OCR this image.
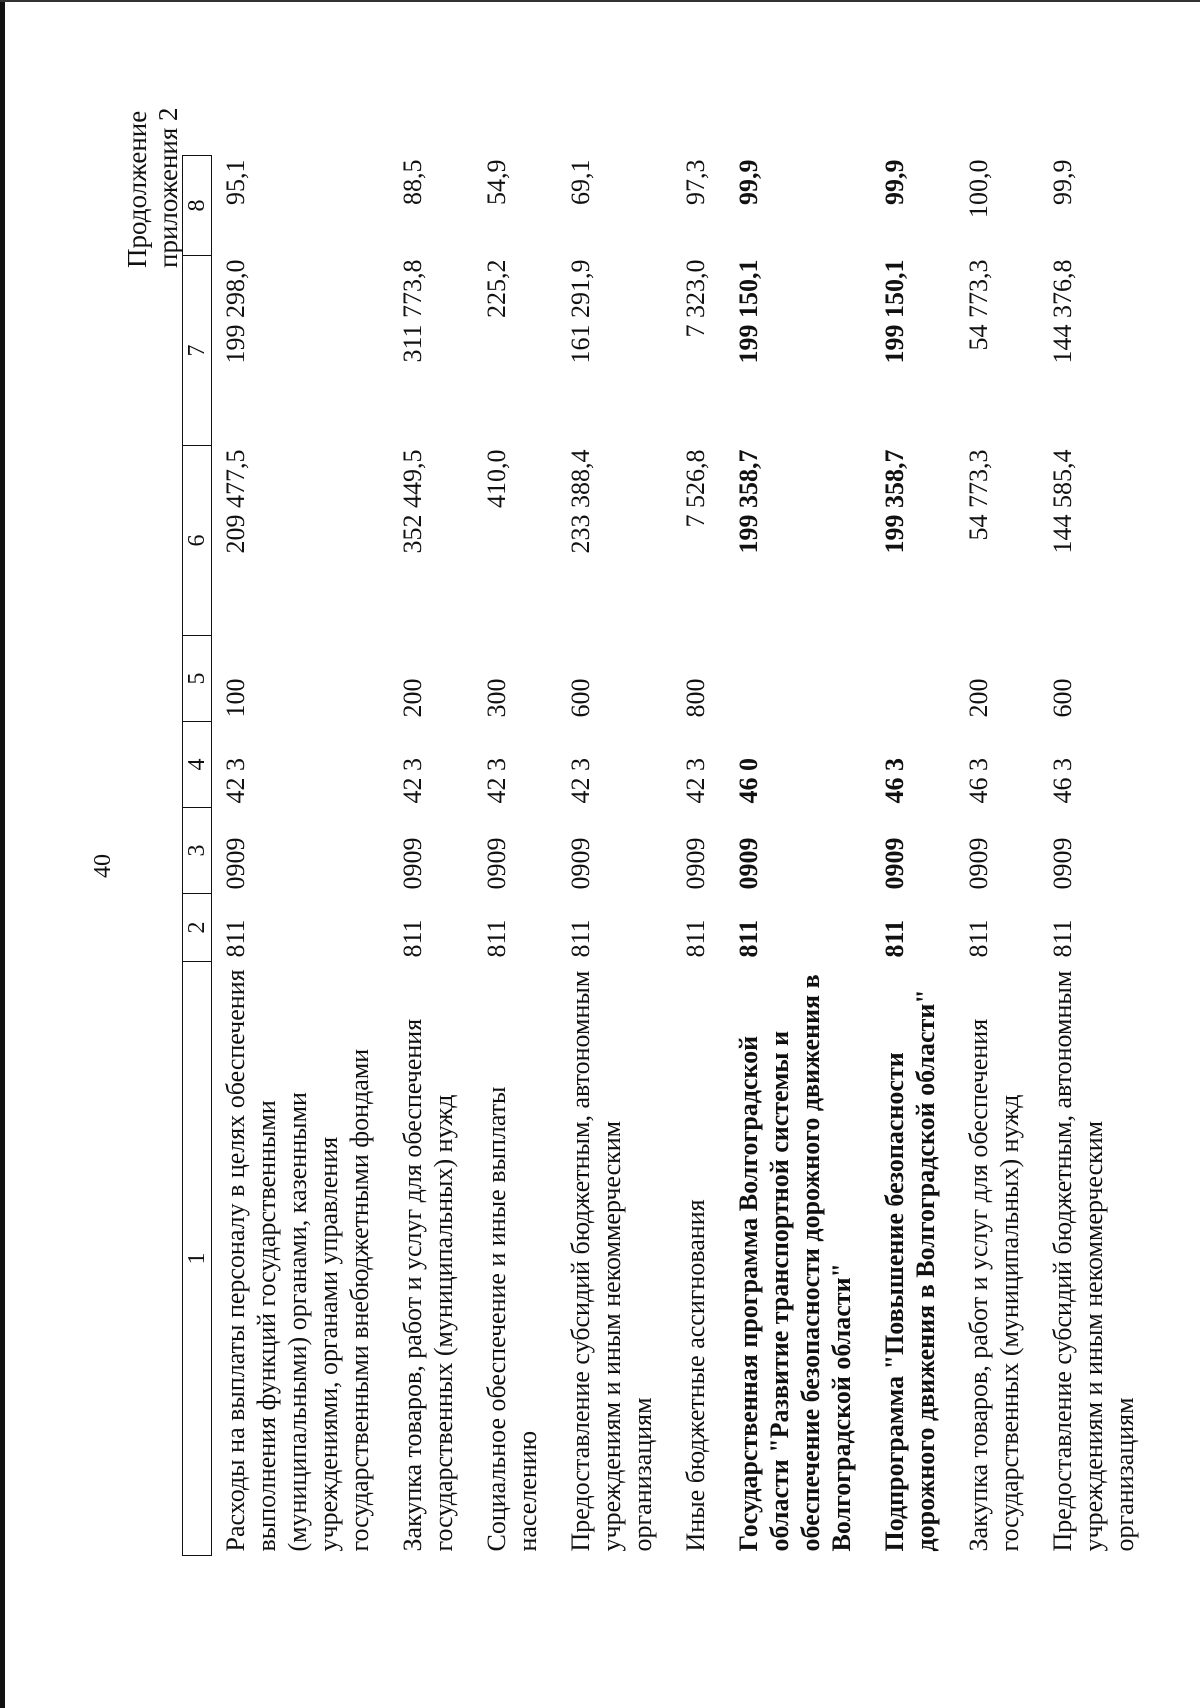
40
Продолжение приложения 2
1	2	3	4	5	6	7	8
Расходы на выплаты персоналу в целях обеспечения выполнения функций государственными (муниципальными) органами, казенными учреждениями, органами управления государственными внебюджетными фондами	811	0909	42 3	100	209 477,5	199 298,0	95,1
Закупка товаров, работ и услуг для обеспечения государственных (муниципальных) нужд	811	0909	42 3	200	352 449,5	311 773,8	88,5
Социальное обеспечение и иные выплаты населению	811	0909	42 3	300	410,0	225,2	54,9
Предоставление субсидий бюджетным, автономным учреждениям и иным некоммерческим организациям	811	0909	42 3	600	233 388,4	161 291,9	69,1
Иные бюджетные ассигнования	811	0909	42 3	800	7 526,8	7 323,0	97,3
Государственная программа Волгоградской области "Развитие транспортной системы и обеспечение безопасности дорожного движения в Волгоградской области"	811	0909	46 0		199 358,7	199 150,1	99,9
Подпрограмма "Повышение безопасности дорожного движения в Волгоградской области"	811	0909	46 3		199 358,7	199 150,1	99,9
Закупка товаров, работ и услуг для обеспечения государственных (муниципальных) нужд	811	0909	46 3	200	54 773,3	54 773,3	100,0
Предоставление субсидий бюджетным, автономным учреждениям и иным некоммерческим организациям	811	0909	46 3	600	144 585,4	144 376,8	99,9
